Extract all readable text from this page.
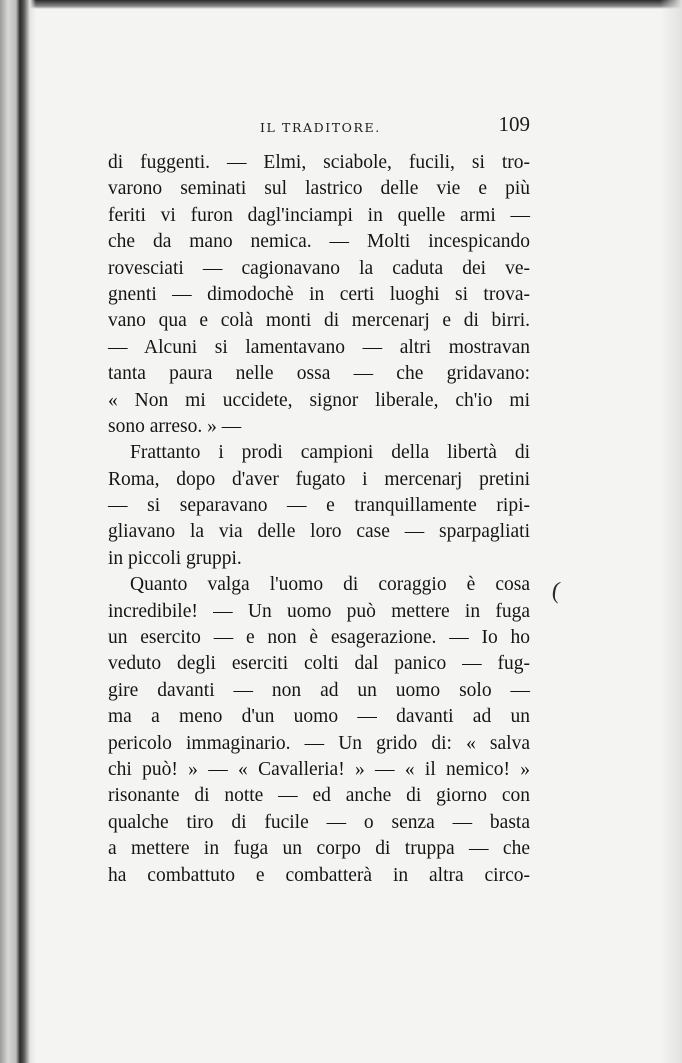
IL TRADITORE.	109
di fuggenti. — Elmi, sciabole, fucili, si tro-
varono seminati sul lastrico delle vie e più
feriti vi furon dagl'inciampi in quelle armi —
che da mano nemica. — Molti incespicando
rovesciati — cagionavano la caduta dei ve-
gnenti — dimodochè in certi luoghi si trova-
vano qua e colà monti di mercenarj e di birri.
— Alcuni si lamentavano — altri mostravan
tanta paura nelle ossa — che gridavano:
« Non mi uccidete, signor liberale, ch'io mi
sono arreso. » —
Frattanto i prodi campioni della libertà di
Roma, dopo d'aver fugato i mercenarj pretini
— si separavano — e tranquillamente ripi-
gliavano la via delle loro case — sparpagliati
in piccoli gruppi.
Quanto valga l'uomo di coraggio è cosa
incredibile! — Un uomo può mettere in fuga
un esercito — e non è esagerazione. — Io ho
veduto degli eserciti colti dal panico — fug-
gire davanti — non ad un uomo solo —
ma a meno d'un uomo — davanti ad un
pericolo immaginario. — Un grido di: « salva
chi può! » — « Cavalleria! » — « il nemico! »
risonante di notte — ed anche di giorno con
qualche tiro di fucile — o senza — basta
a mettere in fuga un corpo di truppa — che
ha combattuto e combatterà in altra circo-
(
